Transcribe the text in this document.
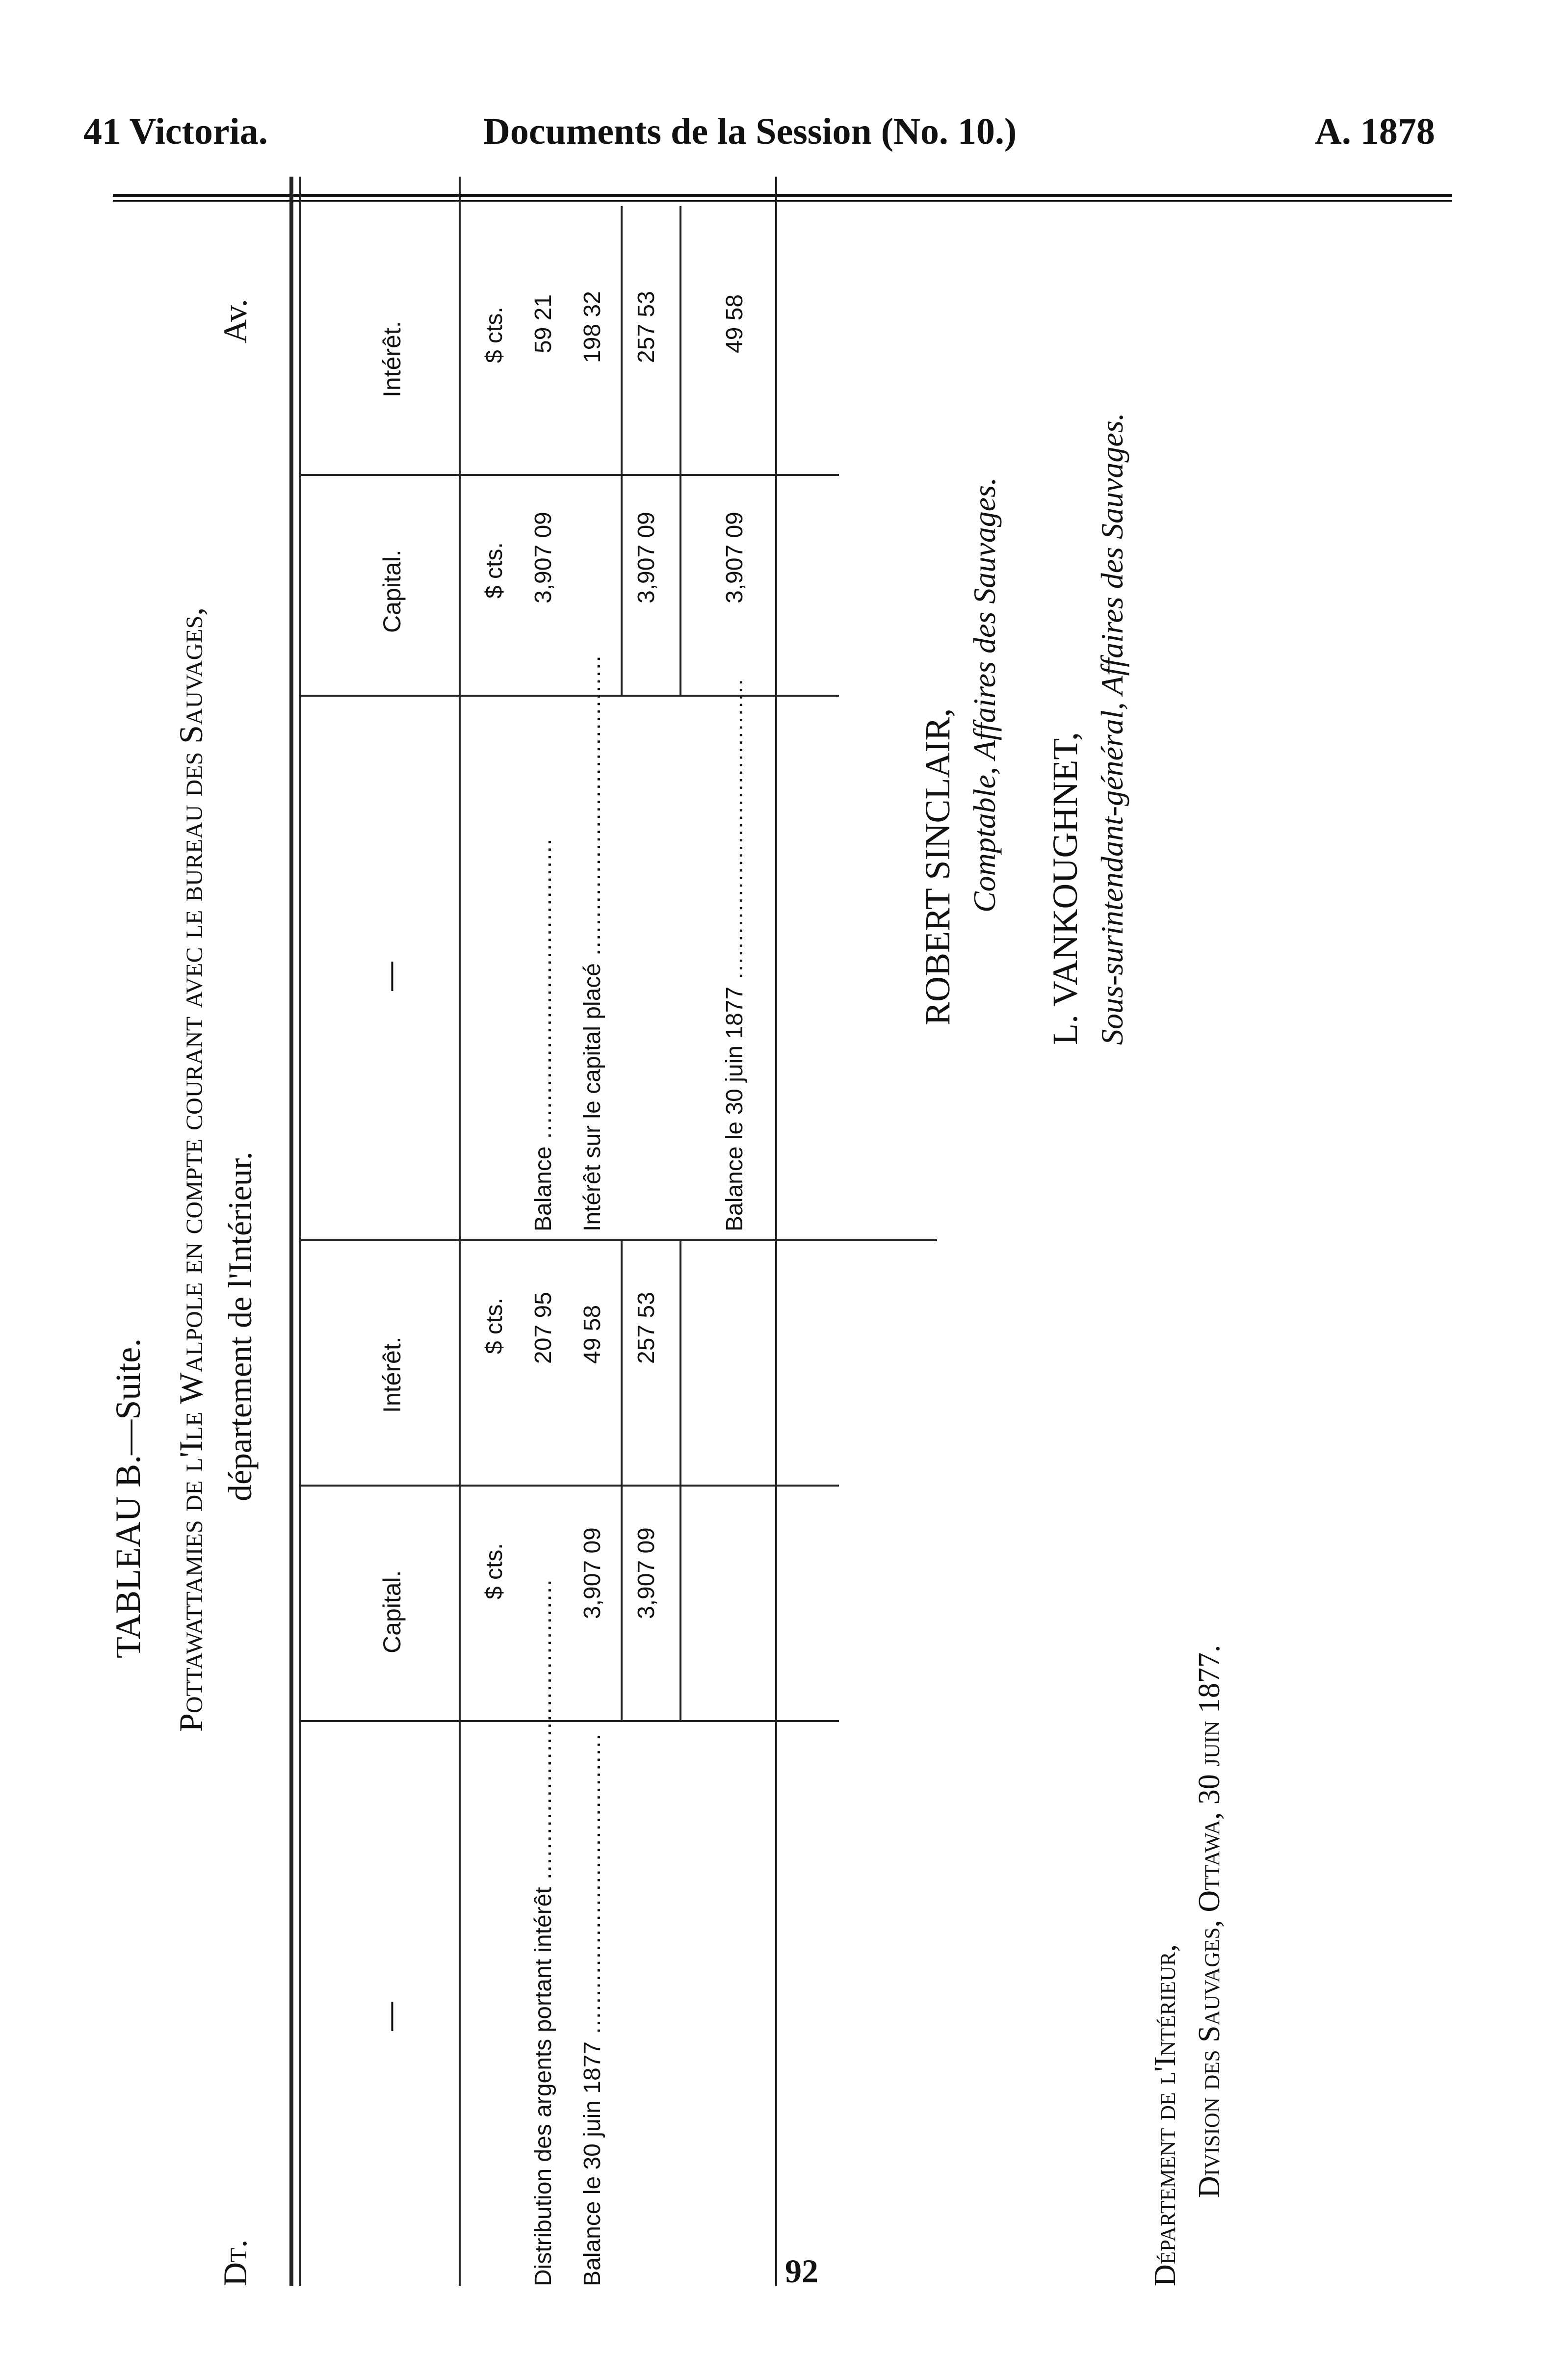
41 Victoria.	Documents de la Session (No. 10.)	A. 1878
TABLEAU B.—Suite. Pottawattamies de l'Ile Walpole en compte courant avec le bureau des Sauvages, département de l'Intérieur.
Dt.
Av.
Capital.
Intérêt.
—
$ cts.
$ cts.
Distribution des argents portant intérêt .....
207 95
Balance le 30 juin 1877 .....
3,907 09
49 58
3,907 09
257 53
Capital.
Intérêt.
—
$ cts.
$ cts.
Balance .....
3,907 09
59 21
Intérêt sur le capital placé .....
198 32
3,907 09
257 53
Balance le 30 juin 1877 .....
3,907 09
49 58
ROBERT SINCLAIR, Comptable, Affaires des Sauvages. L. VANKOUGHNET, Sous-surintendant-général, Affaires des Sauvages.
Département de l'Intérieur, Division des Sauvages, Ottawa, 30 juin 1877.
92
